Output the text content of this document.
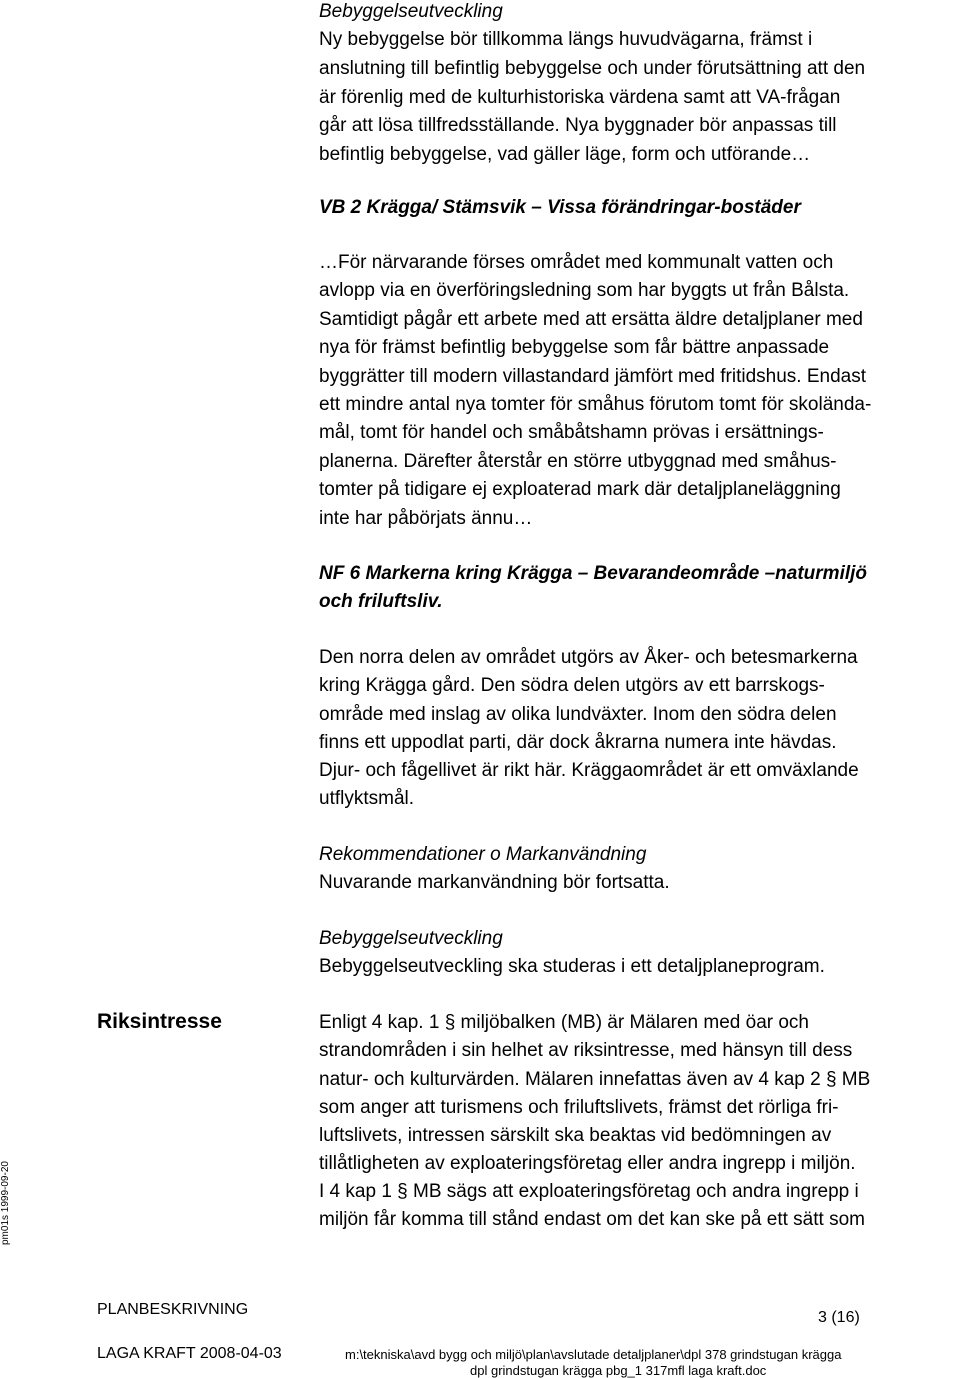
Bebyggelseutveckling
Ny bebyggelse bör tillkomma längs huvudvägarna, främst i
anslutning till befintlig bebyggelse och under förutsättning att den
är förenlig med de kulturhistoriska värdena samt att VA-frågan
går att lösa tillfredsställande. Nya byggnader bör anpassas till
befintlig bebyggelse, vad gäller läge, form och utförande…
VB 2 Krägga/ Stämsvik – Vissa förändringar-bostäder
…För närvarande förses området med kommunalt vatten och
avlopp via en överföringsledning som har byggts ut från Bålsta.
Samtidigt pågår ett arbete med att ersätta äldre detaljplaner med
nya för främst befintlig bebyggelse som får bättre anpassade
byggrätter till modern villastandard jämfört med fritidshus. Endast
ett mindre antal nya tomter för småhus förutom tomt för skolända-
mål, tomt för handel och småbåtshamn prövas i ersättnings-
planerna. Därefter återstår en större utbyggnad med småhus-
tomter på tidigare ej exploaterad mark där detaljplaneläggning
inte har påbörjats ännu…
NF 6 Markerna kring Krägga – Bevarandeområde –naturmiljö
och friluftsliv.
Den norra delen av området utgörs av Åker- och betesmarkerna
kring Krägga gård. Den södra delen utgörs av ett barrskogs-
område med inslag av olika lundväxter. Inom den södra delen
finns ett uppodlat parti, där dock åkrarna numera inte hävdas.
Djur- och fågellivet är rikt här. Kräggaområdet är ett omväxlande
utflyktsmål.
Rekommendationer o Markanvändning
Nuvarande markanvändning bör fortsatta.
Bebyggelseutveckling
Bebyggelseutveckling ska studeras i ett detaljplaneprogram.
Riksintresse	Enligt 4 kap. 1 § miljöbalken (MB) är Mälaren med öar och
strandområden i sin helhet av riksintresse, med hänsyn till dess
natur- och kulturvärden. Mälaren innefattas även av 4 kap 2 § MB
som anger att turismens och friluftslivets, främst det rörliga fri-
luftslivets, intressen särskilt ska beaktas vid bedömningen av
tillåtligheten av exploateringsföretag eller andra ingrepp i miljön.
I 4 kap 1 § MB sägs att exploateringsföretag och andra ingrepp i
miljön får komma till stånd endast om det kan ske på ett sätt som
pm01s 1999-09-20
PLANBESKRIVNING	3 (16)
LAGA KRAFT 2008-04-03	m:\tekniska\avd bygg och miljö\plan\avslutade detaljplaner\dpl 378 grindstugan krägga
dpl grindstugan krägga pbg_1 317mfl laga kraft.doc
